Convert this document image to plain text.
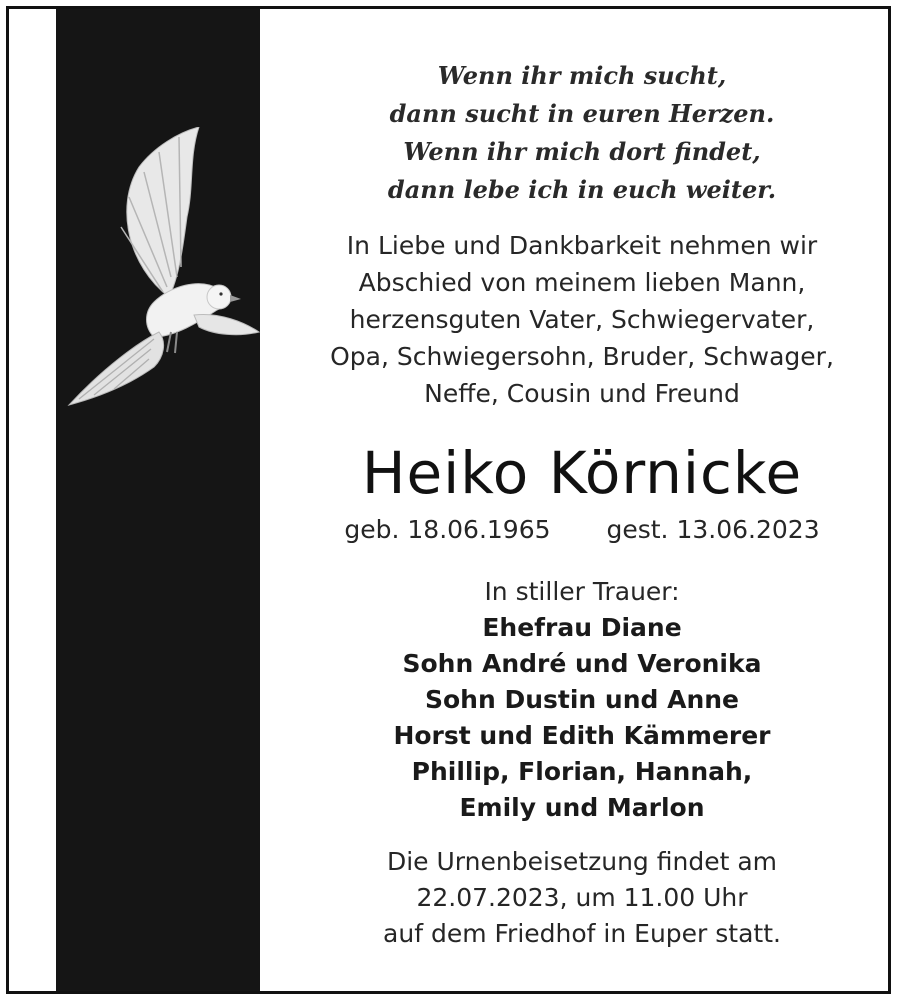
Wenn ihr mich sucht,
dann sucht in euren Herzen.
Wenn ihr mich dort findet,
dann lebe ich in euch weiter.
In Liebe und Dankbarkeit nehmen wir
Abschied von meinem lieben Mann,
herzensguten Vater, Schwiegervater,
Opa, Schwiegersohn, Bruder, Schwager,
Neffe, Cousin und Freund
Heiko Körnicke
geb. 18.06.1965 gest. 13.06.2023
In stiller Trauer:
Ehefrau Diane
Sohn André und Veronika
Sohn Dustin und Anne
Horst und Edith Kämmerer
Phillip, Florian, Hannah,
Emily und Marlon
Die Urnenbeisetzung findet am
22.07.2023, um 11.00 Uhr
auf dem Friedhof in Euper statt.
